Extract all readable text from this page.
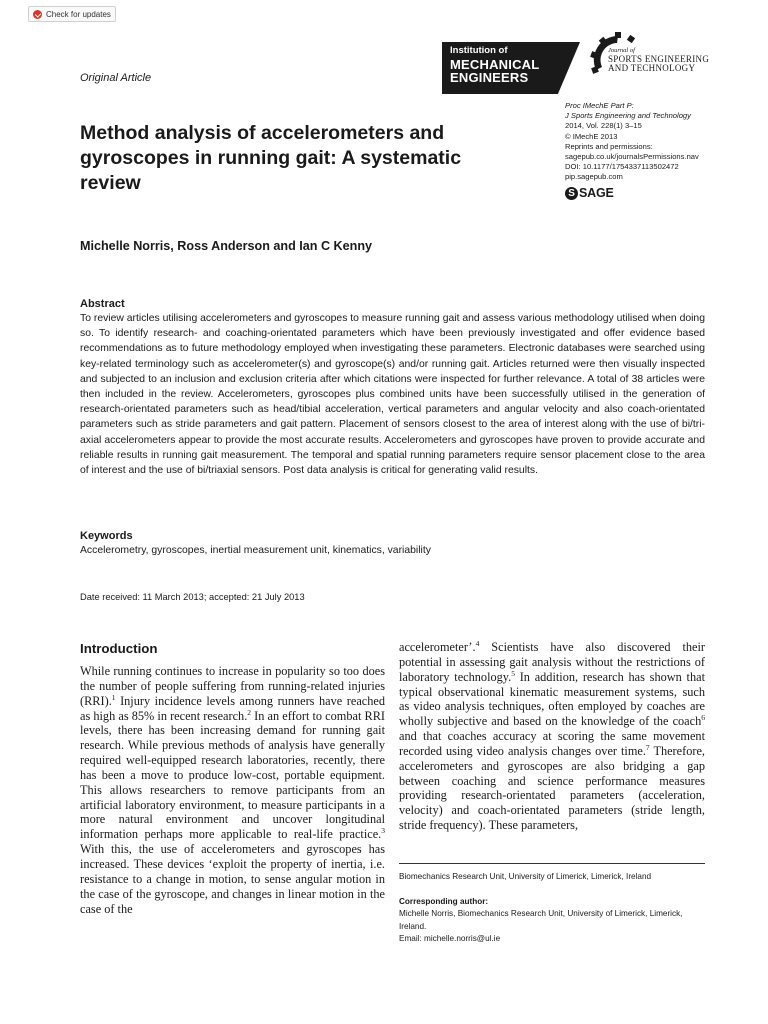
Check for updates
Institution of
MECHANICAL
ENGINEERS
Journal of
SPORTS ENGINEERING
AND TECHNOLOGY
Original Article
Method analysis of accelerometers and gyroscopes in running gait: A systematic review
Proc IMechE Part P:
J Sports Engineering and Technology
2014, Vol. 228(1) 3–15
© IMechE 2013
Reprints and permissions:
sagepub.co.uk/journalsPermissions.nav
DOI: 10.1177/1754337113502472
pip.sagepub.com
S SAGE
Michelle Norris, Ross Anderson and Ian C Kenny
Abstract
To review articles utilising accelerometers and gyroscopes to measure running gait and assess various methodology utilised when doing so. To identify research- and coaching-orientated parameters which have been previously investigated and offer evidence based recommendations as to future methodology employed when investigating these parameters. Electronic databases were searched using key-related terminology such as accelerometer(s) and gyroscope(s) and/or running gait. Articles returned were then visually inspected and subjected to an inclusion and exclusion criteria after which citations were inspected for further relevance. A total of 38 articles were then included in the review. Accelerometers, gyroscopes plus combined units have been successfully utilised in the generation of research-orientated parameters such as head/tibial acceleration, vertical parameters and angular velocity and also coach-orientated parameters such as stride parameters and gait pattern. Placement of sensors closest to the area of interest along with the use of bi/tri- axial accelerometers appear to provide the most accurate results. Accelerometers and gyroscopes have proven to provide accurate and reliable results in running gait measurement. The temporal and spatial running parameters require sensor placement close to the area of interest and the use of bi/triaxial sensors. Post data analysis is critical for generating valid results.
Keywords
Accelerometry, gyroscopes, inertial measurement unit, kinematics, variability
Date received: 11 March 2013; accepted: 21 July 2013
Introduction

While running continues to increase in popularity so too does the number of people suffering from running-related injuries (RRI).$^1$ Injury incidence levels among runners have reached as high as 85% in recent research.$^2$ In an effort to combat RRI levels, there has been increasing demand for running gait research. While previous methods of analysis have generally required well-equipped research laboratories, recently, there has been a move to produce low-cost, portable equipment. This allows researchers to remove participants from an artificial laboratory environment, to measure participants in a more natural environment and uncover longitudinal information perhaps more applicable to real-life practice.$^3$ With this, the use of accelerometers and gyroscopes has increased. These devices ‘exploit the property of inertia, i.e. resistance to a change in motion, to sense angular motion in the case of the gyroscope, and changes in linear motion in the case of the

accelerometer’.$^4$ Scientists have also discovered their potential in assessing gait analysis without the restrictions of laboratory technology.$^5$ In addition, research has shown that typical observational kinematic measurement systems, such as video analysis techniques, often employed by coaches are wholly subjective and based on the knowledge of the coach$^6$ and that coaches accuracy at scoring the same movement recorded using video analysis changes over time.$^7$ Therefore, accelerometers and gyroscopes are also bridging a gap between coaching and science performance measures providing research-orientated parameters (acceleration, velocity) and coach-orientated parameters (stride length, stride frequency). These parameters,

Biomechanics Research Unit, University of Limerick, Limerick, Ireland
Corresponding author:
Michelle Norris, Biomechanics Research Unit, University of Limerick, Limerick, Ireland.
Email: michelle.norris@ul.ie
